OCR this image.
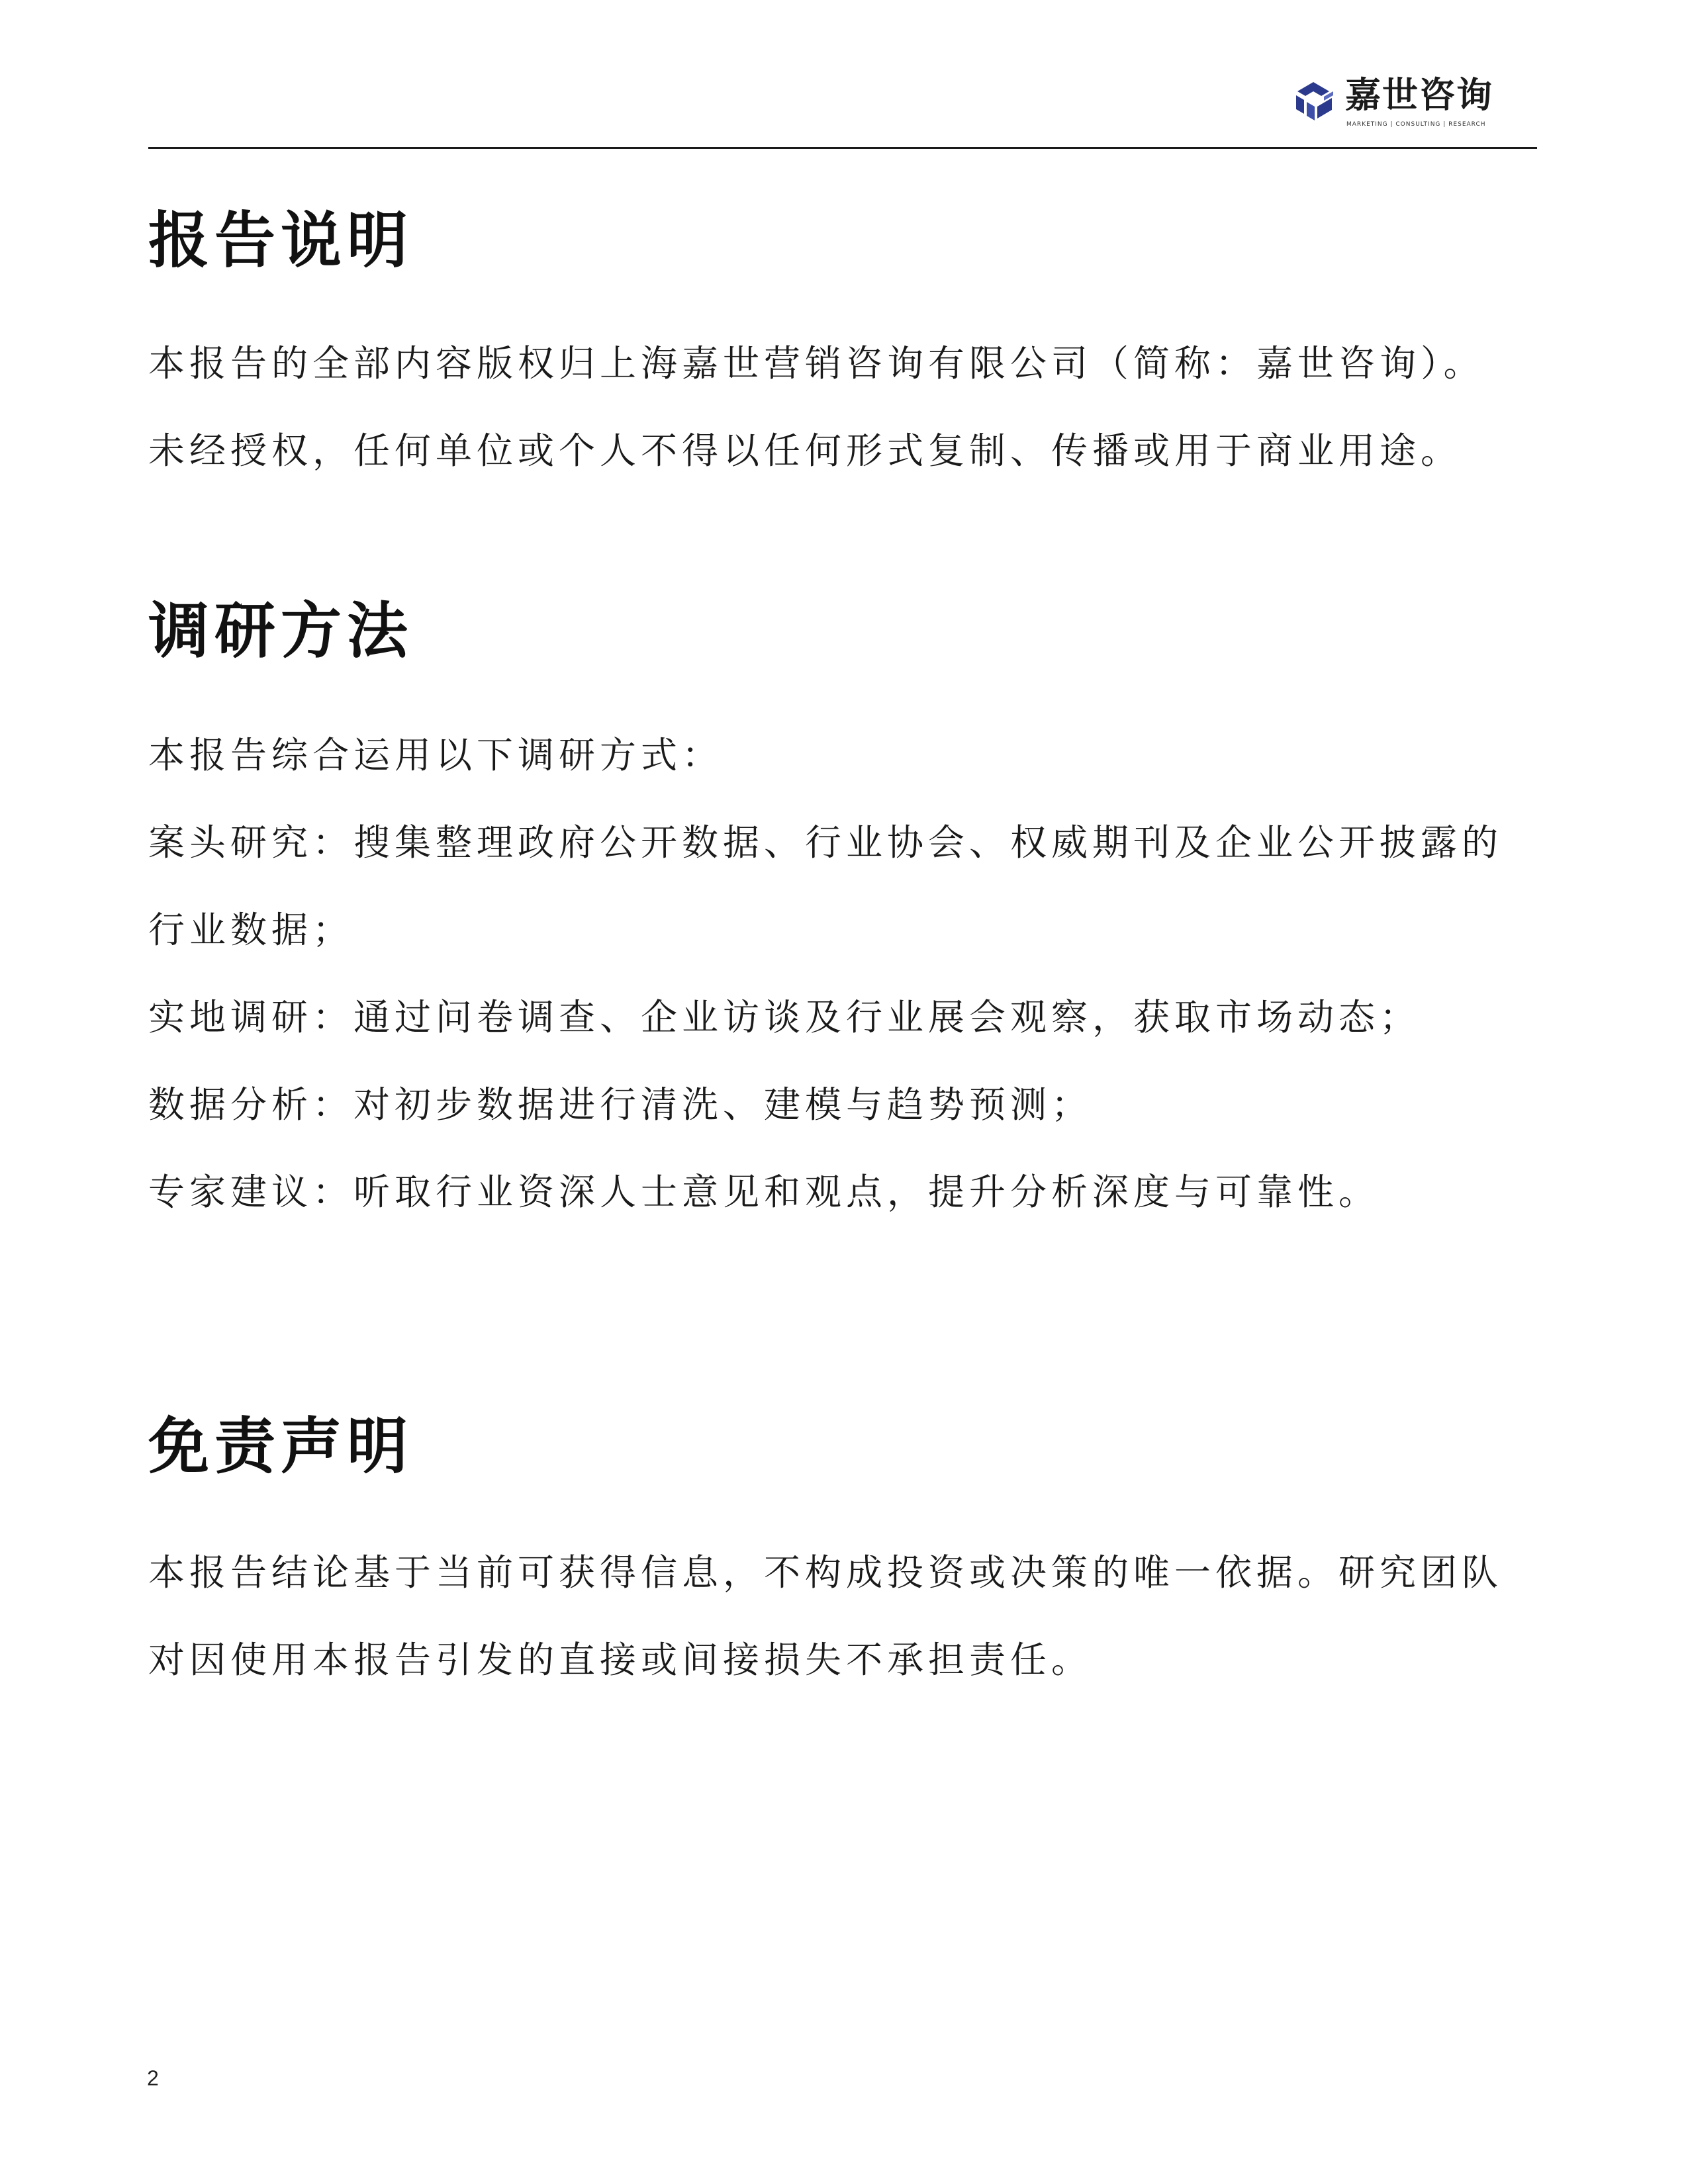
嘉世咨询
MARKETING | CONSULTING | RESEARCH
报告说明

本报告的全部内容版权归上海嘉世营销咨询有限公司（简称：嘉世咨询）。

未经授权，任何单位或个人不得以任何形式复制、传播或用于商业用途。

调研方法

本报告综合运用以下调研方式：

案头研究：搜集整理政府公开数据、行业协会、权威期刊及企业公开披露的

行业数据；

实地调研：通过问卷调查、企业访谈及行业展会观察，获取市场动态；

数据分析：对初步数据进行清洗、建模与趋势预测；

专家建议：听取行业资深人士意见和观点，提升分析深度与可靠性。

免责声明

本报告结论基于当前可获得信息，不构成投资或决策的唯一依据。研究团队

对因使用本报告引发的直接或间接损失不承担责任。

2
